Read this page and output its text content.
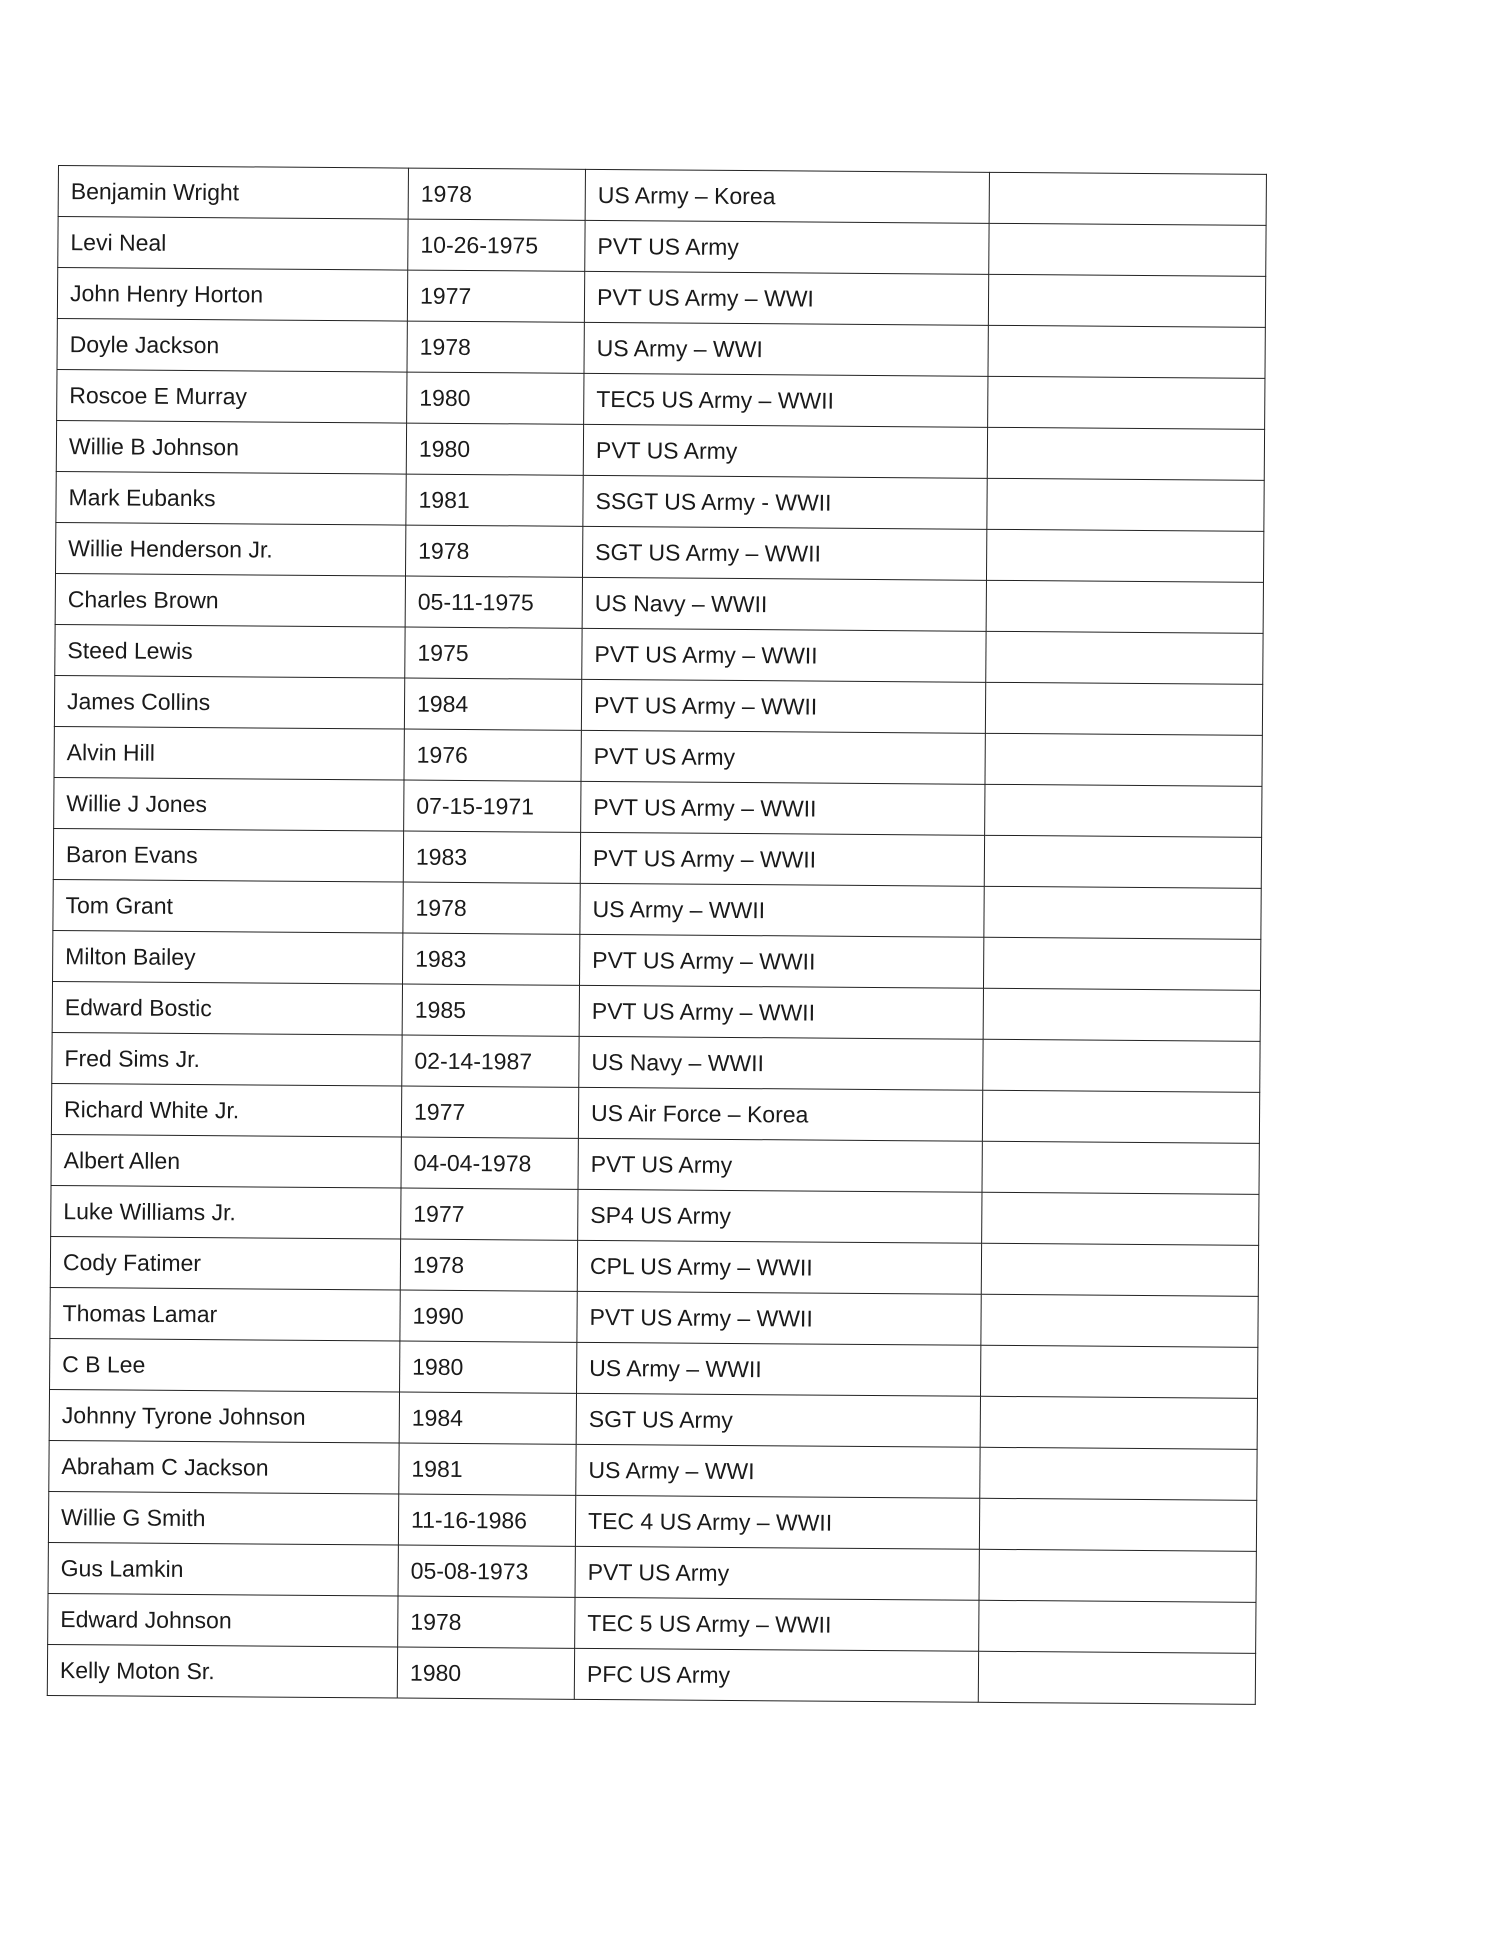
Benjamin Wright	1978	US Army – Korea	
Levi Neal	10-26-1975	PVT US Army	
John Henry Horton	1977	PVT US Army – WWI	
Doyle Jackson	1978	US Army – WWI	
Roscoe E Murray	1980	TEC5 US Army – WWII	
Willie B Johnson	1980	PVT US Army	
Mark Eubanks	1981	SSGT US Army - WWII	
Willie Henderson Jr.	1978	SGT US Army – WWII	
Charles Brown	05-11-1975	US Navy – WWII	
Steed Lewis	1975	PVT US Army – WWII	
James Collins	1984	PVT US Army – WWII	
Alvin Hill	1976	PVT US Army	
Willie J Jones	07-15-1971	PVT US Army – WWII	
Baron Evans	1983	PVT US Army – WWII	
Tom Grant	1978	US Army – WWII	
Milton Bailey	1983	PVT US Army – WWII	
Edward Bostic	1985	PVT US Army – WWII	
Fred Sims Jr.	02-14-1987	US Navy – WWII	
Richard White Jr.	1977	US Air Force – Korea	
Albert Allen	04-04-1978	PVT US Army	
Luke Williams Jr.	1977	SP4 US Army	
Cody Fatimer	1978	CPL US Army – WWII	
Thomas Lamar	1990	PVT US Army – WWII	
C B Lee	1980	US Army – WWII	
Johnny Tyrone Johnson	1984	SGT US Army	
Abraham C Jackson	1981	US Army – WWI	
Willie G Smith	11-16-1986	TEC 4 US Army – WWII	
Gus Lamkin	05-08-1973	PVT US Army	
Edward Johnson	1978	TEC 5 US Army – WWII	
Kelly Moton Sr.	1980	PFC US Army	
